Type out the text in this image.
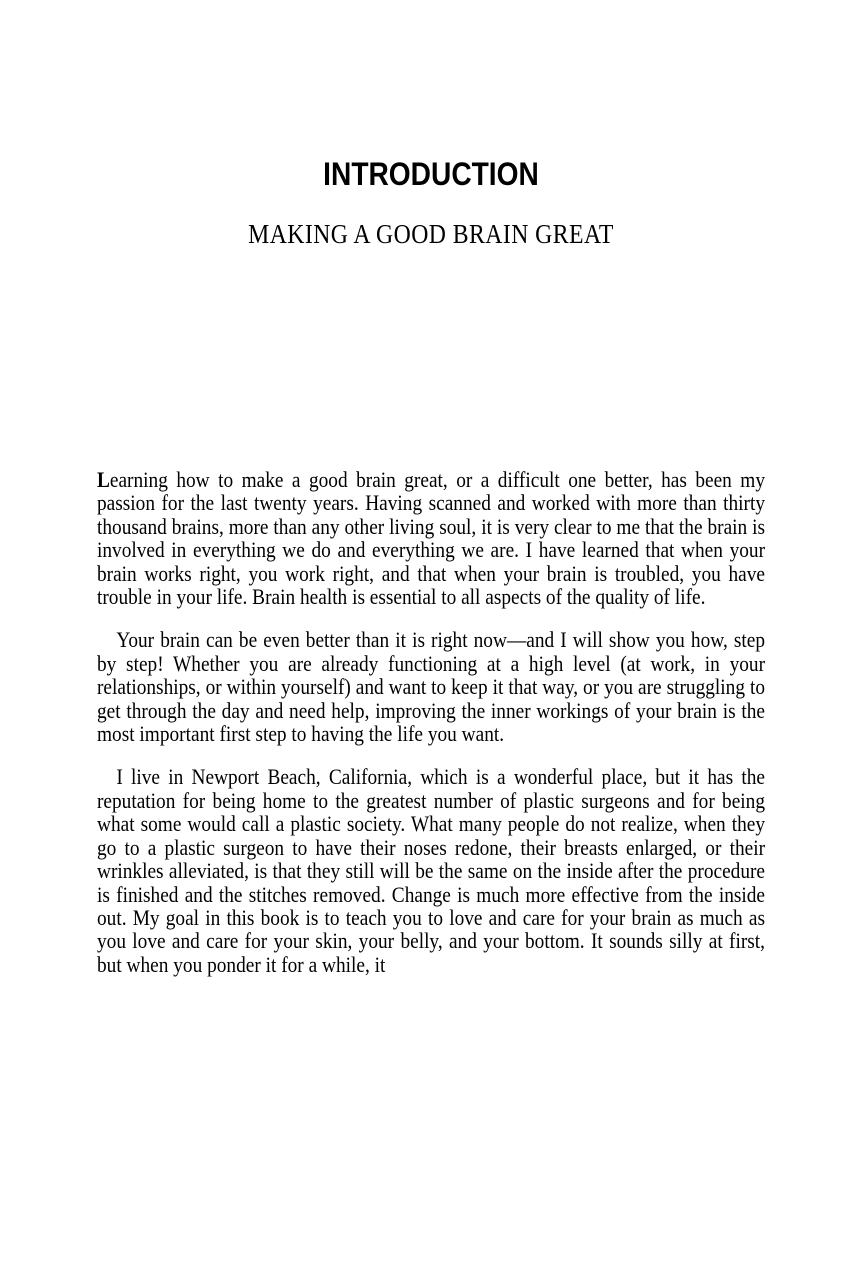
INTRODUCTION
MAKING A GOOD BRAIN GREAT

Learning how to make a good brain great, or a difficult one better, has been my passion for the last twenty years. Having scanned and worked with more than thirty thousand brains, more than any other living soul, it is very clear to me that the brain is involved in everything we do and everything we are. I have learned that when your brain works right, you work right, and that when your brain is troubled, you have trouble in your life. Brain health is essential to all aspects of the quality of life.

Your brain can be even better than it is right now—and I will show you how, step by step! Whether you are already functioning at a high level (at work, in your relationships, or within yourself) and want to keep it that way, or you are struggling to get through the day and need help, improving the inner workings of your brain is the most important first step to having the life you want.

I live in Newport Beach, California, which is a wonderful place, but it has the reputation for being home to the greatest number of plastic surgeons and for being what some would call a plastic society. What many people do not realize, when they go to a plastic surgeon to have their noses redone, their breasts enlarged, or their wrinkles alleviated, is that they still will be the same on the inside after the procedure is finished and the stitches removed. Change is much more effective from the inside out. My goal in this book is to teach you to love and care for your brain as much as you love and care for your skin, your belly, and your bottom. It sounds silly at first, but when you ponder it for a while, it
